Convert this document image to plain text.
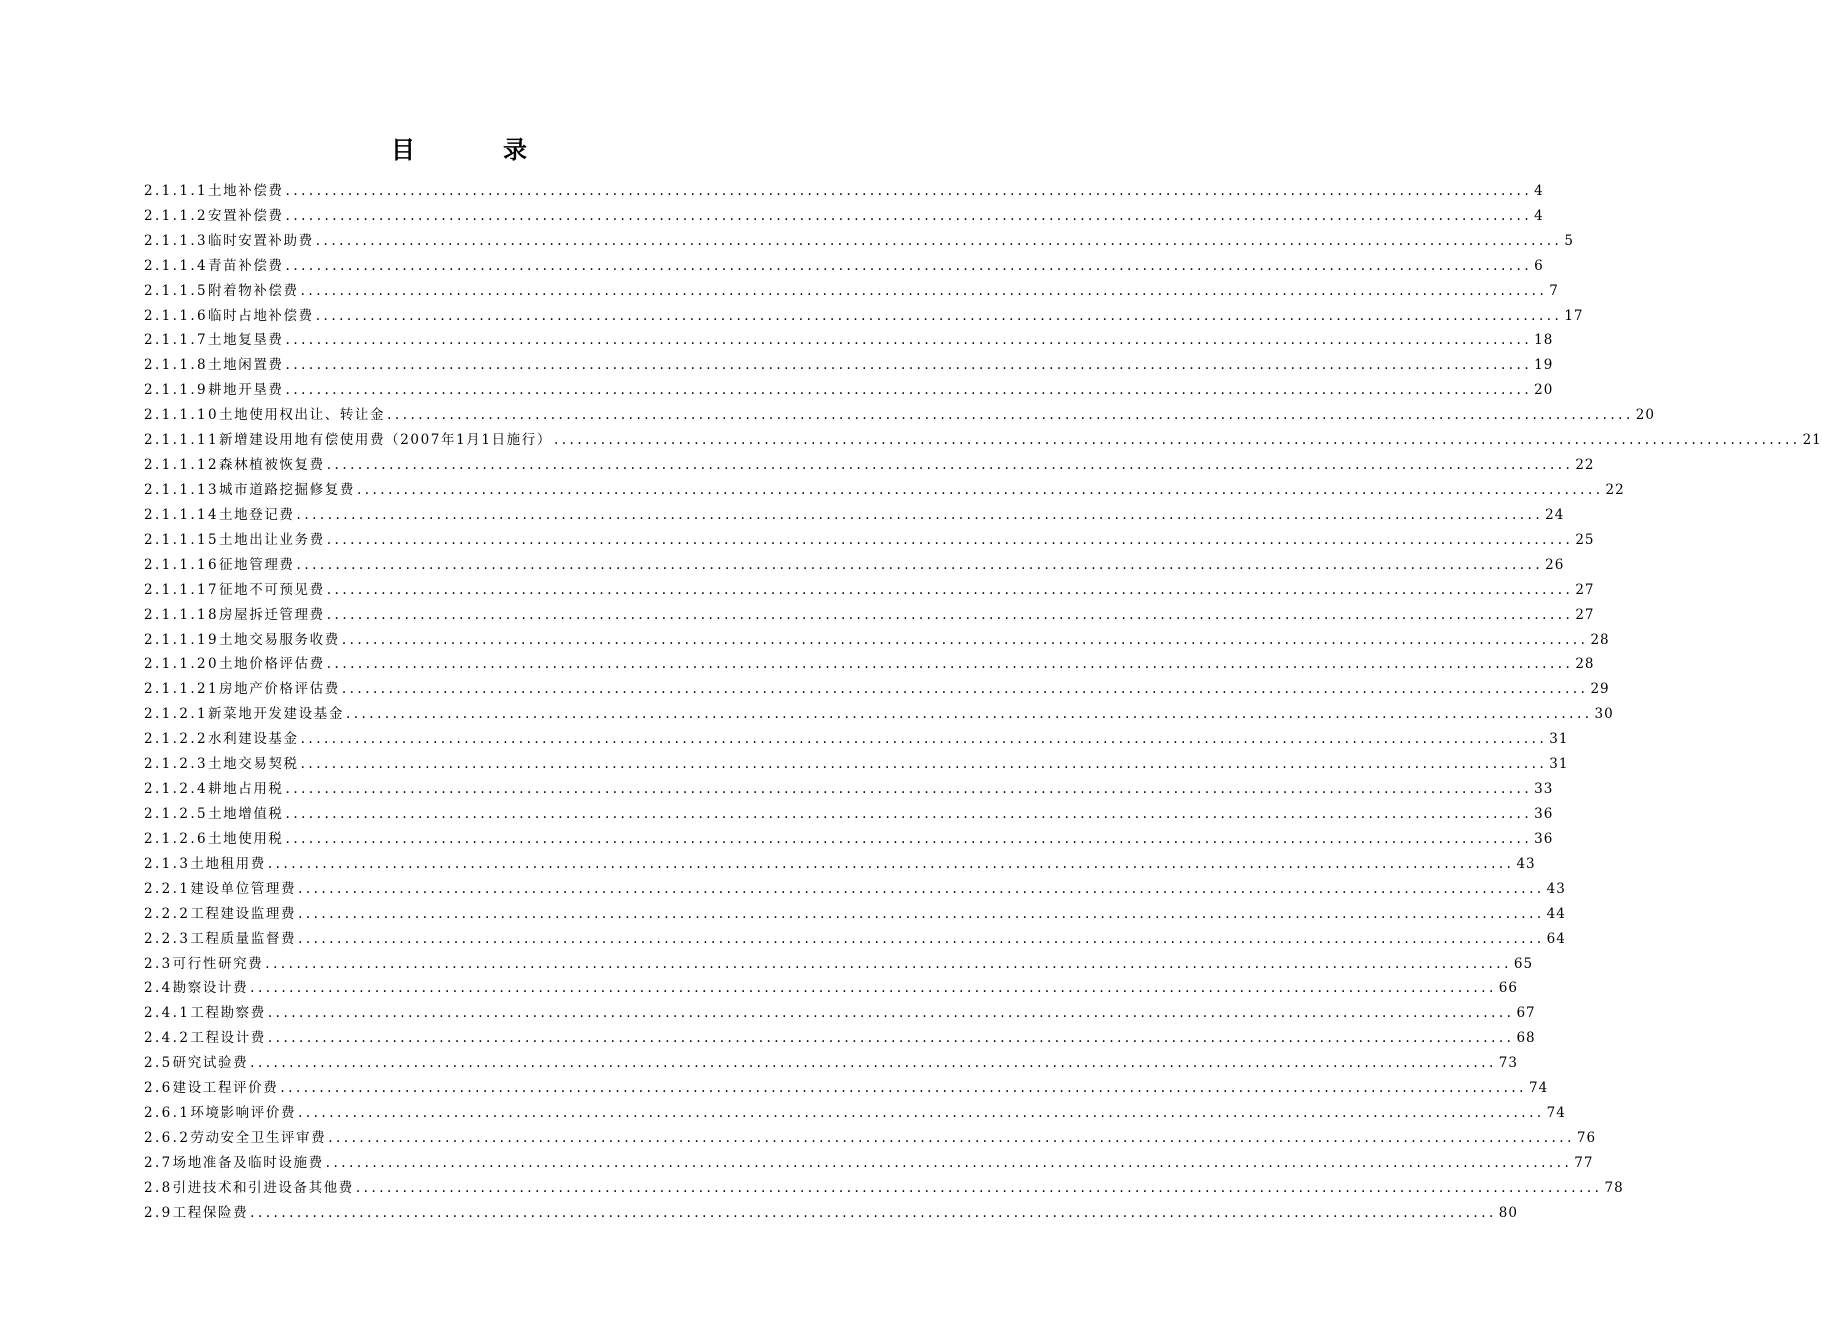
目　录
2.1.1.1 土地补偿费 ................................................................................................................................................................ 4
2.1.1.2 安置补偿费 ................................................................................................................................................................ 4
2.1.1.3 临时安置补助费 ................................................................................................................................................................ 5
2.1.1.4 青苗补偿费 ................................................................................................................................................................ 6
2.1.1.5 附着物补偿费 ................................................................................................................................................................ 7
2.1.1.6 临时占地补偿费 ................................................................................................................................................................ 17
2.1.1.7 土地复垦费 ................................................................................................................................................................ 18
2.1.1.8 土地闲置费 ................................................................................................................................................................ 19
2.1.1.9 耕地开垦费 ................................................................................................................................................................ 20
2.1.1.10 土地使用权出让、转让金 ................................................................................................................................................................ 20
2.1.1.11 新增建设用地有偿使用费（2007年1月1日施行） ................................................................................................................................................................ 21
2.1.1.12 森林植被恢复费 ................................................................................................................................................................ 22
2.1.1.13 城市道路挖掘修复费 ................................................................................................................................................................ 22
2.1.1.14 土地登记费 ................................................................................................................................................................ 24
2.1.1.15 土地出让业务费 ................................................................................................................................................................ 25
2.1.1.16 征地管理费 ................................................................................................................................................................ 26
2.1.1.17 征地不可预见费 ................................................................................................................................................................ 27
2.1.1.18 房屋拆迁管理费 ................................................................................................................................................................ 27
2.1.1.19 土地交易服务收费 ................................................................................................................................................................ 28
2.1.1.20 土地价格评估费 ................................................................................................................................................................ 28
2.1.1.21 房地产价格评估费 ................................................................................................................................................................ 29
2.1.2.1 新菜地开发建设基金 ................................................................................................................................................................ 30
2.1.2.2 水利建设基金 ................................................................................................................................................................ 31
2.1.2.3 土地交易契税 ................................................................................................................................................................ 31
2.1.2.4 耕地占用税 ................................................................................................................................................................ 33
2.1.2.5 土地增值税 ................................................................................................................................................................ 36
2.1.2.6 土地使用税 ................................................................................................................................................................ 36
2.1.3 土地租用费 ................................................................................................................................................................ 43
2.2.1 建设单位管理费 ................................................................................................................................................................ 43
2.2.2 工程建设监理费 ................................................................................................................................................................ 44
2.2.3 工程质量监督费 ................................................................................................................................................................ 64
2.3 可行性研究费 ................................................................................................................................................................ 65
2.4 勘察设计费 ................................................................................................................................................................ 66
2.4.1 工程勘察费 ................................................................................................................................................................ 67
2.4.2 工程设计费 ................................................................................................................................................................ 68
2.5 研究试验费 ................................................................................................................................................................ 73
2.6 建设工程评价费 ................................................................................................................................................................ 74
2.6.1 环境影响评价费 ................................................................................................................................................................ 74
2.6.2 劳动安全卫生评审费 ................................................................................................................................................................ 76
2.7 场地准备及临时设施费 ................................................................................................................................................................ 77
2.8 引进技术和引进设备其他费 ................................................................................................................................................................ 78
2.9 工程保险费 ................................................................................................................................................................ 80
